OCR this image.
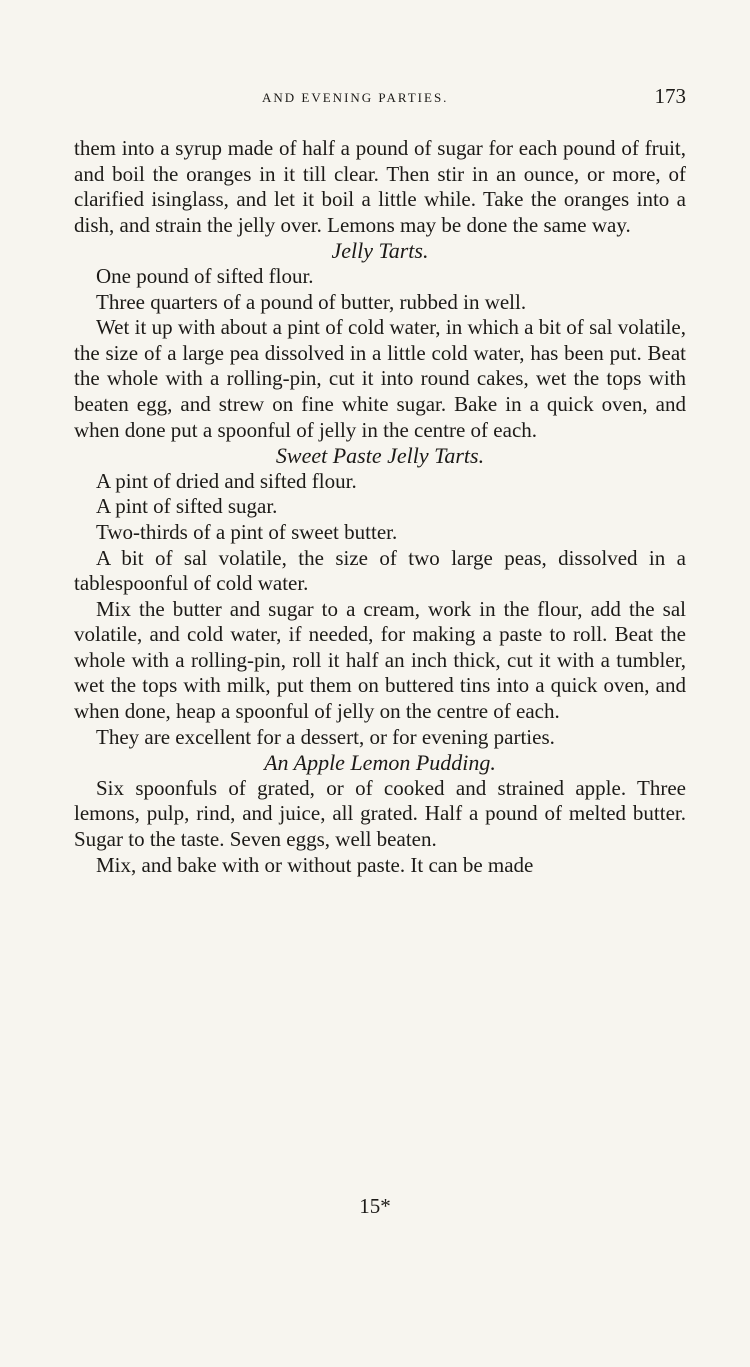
AND EVENING PARTIES.	173

them into a syrup made of half a pound of sugar for each pound of fruit, and boil the oranges in it till clear. Then stir in an ounce, or more, of clarified isinglass, and let it boil a little while. Take the oranges into a dish, and strain the jelly over. Lemons may be done the same way.

Jelly Tarts.

One pound of sifted flour.

Three quarters of a pound of butter, rubbed in well.

Wet it up with about a pint of cold water, in which a bit of sal volatile, the size of a large pea dissolved in a little cold water, has been put. Beat the whole with a rolling-pin, cut it into round cakes, wet the tops with beaten egg, and strew on fine white sugar. Bake in a quick oven, and when done put a spoonful of jelly in the centre of each.

Sweet Paste Jelly Tarts.

A pint of dried and sifted flour.

A pint of sifted sugar.

Two-thirds of a pint of sweet butter.

A bit of sal volatile, the size of two large peas, dissolved in a tablespoonful of cold water.

Mix the butter and sugar to a cream, work in the flour, add the sal volatile, and cold water, if needed, for making a paste to roll. Beat the whole with a rolling-pin, roll it half an inch thick, cut it with a tumbler, wet the tops with milk, put them on buttered tins into a quick oven, and when done, heap a spoonful of jelly on the centre of each.

They are excellent for a dessert, or for evening parties.

An Apple Lemon Pudding.

Six spoonfuls of grated, or of cooked and strained apple. Three lemons, pulp, rind, and juice, all grated. Half a pound of melted butter. Sugar to the taste. Seven eggs, well beaten.

Mix, and bake with or without paste. It can be made

15*
